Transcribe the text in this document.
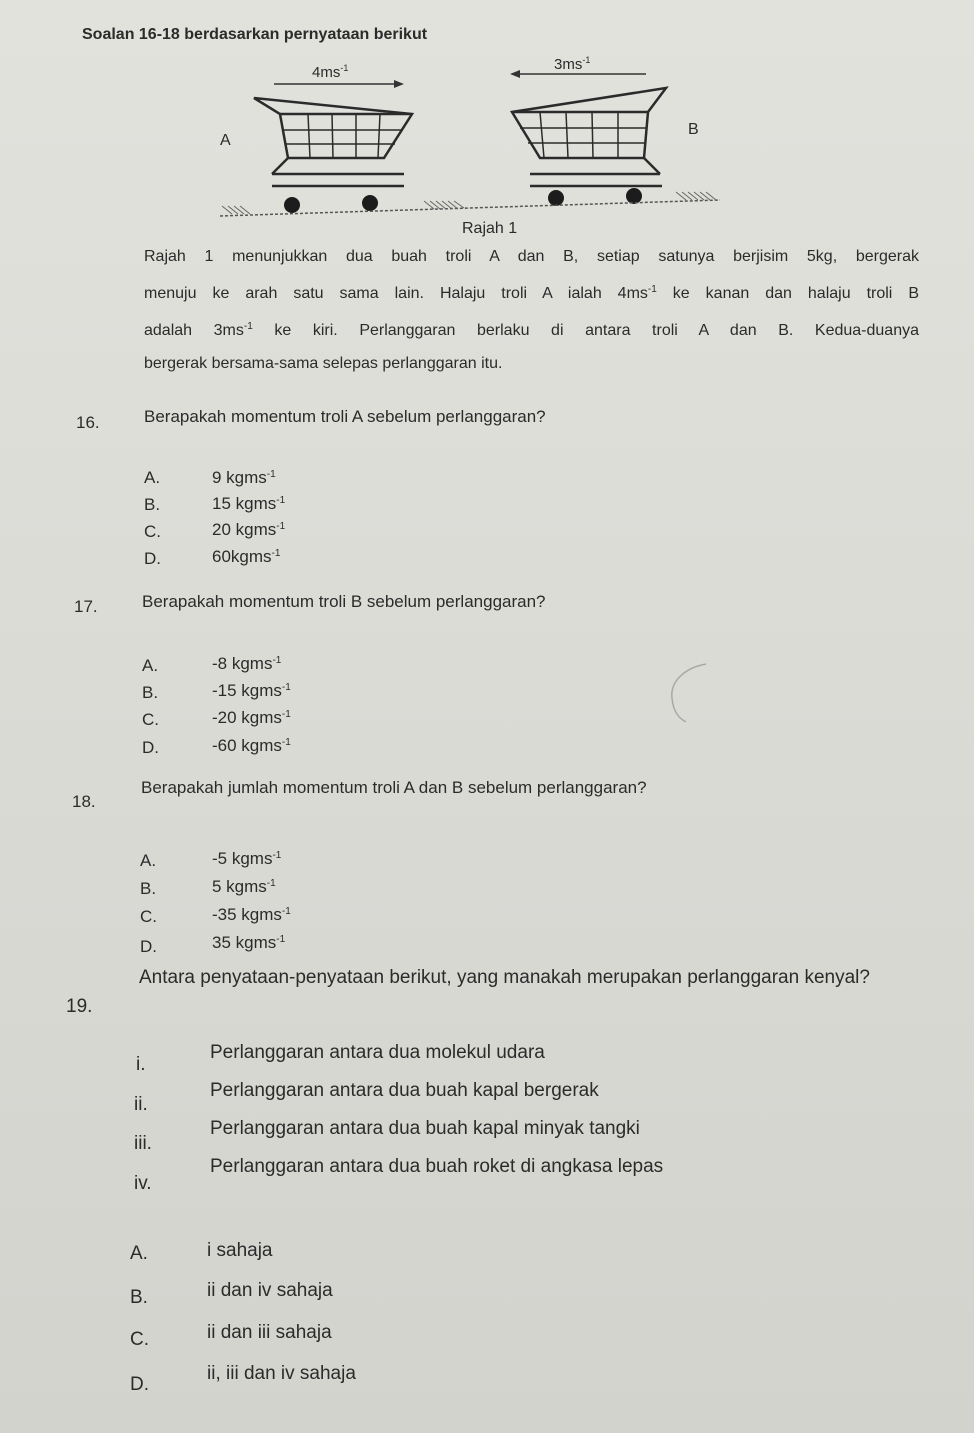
Soalan 16-18 berdasarkan pernyataan berikut
$4ms^{-1}$	$3ms^{-1}$
A
B
Rajah 1

Rajah 1 menunjukkan dua buah troli A dan B, setiap satunya berjisim 5kg, bergerak

menuju ke arah satu sama lain. Halaju troli A ialah $4ms^{-1}$ ke kanan dan halaju troli B

adalah $3ms^{-1}$ ke kiri. Perlanggaran berlaku di antara troli A dan B. Kedua-duanya

bergerak bersama-sama selepas perlanggaran itu.

16.	Berapakah momentum troli A sebelum perlanggaran?
A.	9 kgms$^{-1}$
B.	15 kgms$^{-1}$
C.	20 kgms$^{-1}$
D.	60kgms$^{-1}$
17.	Berapakah momentum troli B sebelum perlanggaran?
A.	-8 kgms$^{-1}$
B.	-15 kgms$^{-1}$
C.	-20 kgms$^{-1}$
D.	-60 kgms$^{-1}$
18.
Berapakah jumlah momentum troli A dan B sebelum perlanggaran?
A.	-5 kgms$^{-1}$
B.	5 kgms$^{-1}$
C.	-35 kgms$^{-1}$
D.	35 kgms$^{-1}$
19.
Antara penyataan-penyataan berikut, yang manakah merupakan perlanggaran kenyal?
i.
Perlanggaran antara dua molekul udara
ii.
Perlanggaran antara dua buah kapal bergerak
iii.
Perlanggaran antara dua buah kapal minyak tangki
iv.
Perlanggaran antara dua buah roket di angkasa lepas
A.	i sahaja
B.	ii dan iv sahaja
C.	ii dan iii sahaja
D.
ii, iii dan iv sahaja
